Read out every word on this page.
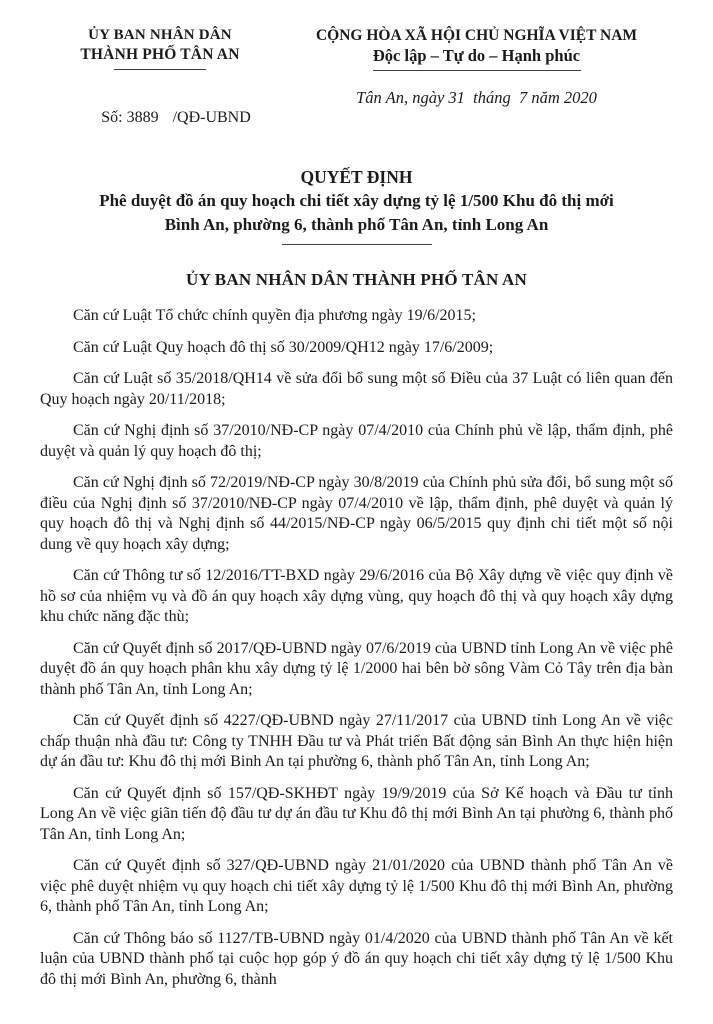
ỦY BAN NHÂN DÂN
THÀNH PHỐ TÂN AN

Số: 3889 /QĐ-UBND

CỘNG HÒA XÃ HỘI CHỦ NGHĨA VIỆT NAM
Độc lập – Tự do – Hạnh phúc
Tân An, ngày 31  tháng  7 năm 2020
QUYẾT ĐỊNH
Phê duyệt đồ án quy hoạch chi tiết xây dựng tỷ lệ 1/500 Khu đô thị mới
Bình An, phường 6, thành phố Tân An, tỉnh Long An
ỦY BAN NHÂN DÂN THÀNH PHỐ TÂN AN

Căn cứ Luật Tổ chức chính quyền địa phương ngày 19/6/2015;

Căn cứ Luật Quy hoạch đô thị số 30/2009/QH12 ngày 17/6/2009;

Căn cứ Luật số 35/2018/QH14 về sửa đổi bổ sung một số Điều của 37 Luật có liên quan đến Quy hoạch ngày 20/11/2018;

Căn cứ Nghị định số 37/2010/NĐ-CP ngày 07/4/2010 của Chính phủ về lập, thẩm định, phê duyệt và quản lý quy hoạch đô thị;

Căn cứ Nghị định số 72/2019/NĐ-CP ngày 30/8/2019 của Chính phủ sửa đổi, bổ sung một số điều của Nghị định số 37/2010/NĐ-CP ngày 07/4/2010 về lập, thẩm định, phê duyệt và quản lý quy hoạch đô thị và Nghị định số 44/2015/NĐ-CP ngày 06/5/2015 quy định chi tiết một số nội dung về quy hoạch xây dựng;

Căn cứ Thông tư số 12/2016/TT-BXD ngày 29/6/2016 của Bộ Xây dựng về việc quy định về hồ sơ của nhiệm vụ và đồ án quy hoạch xây dựng vùng, quy hoạch đô thị và quy hoạch xây dựng khu chức năng đặc thù;

Căn cứ Quyết định số 2017/QĐ-UBND ngày 07/6/2019 của UBND tỉnh Long An về việc phê duyệt đồ án quy hoạch phân khu xây dựng tỷ lệ 1/2000 hai bên bờ sông Vàm Cỏ Tây trên địa bàn thành phố Tân An, tỉnh Long An;

Căn cứ Quyết định số 4227/QĐ-UBND ngày 27/11/2017 của UBND tỉnh Long An về việc chấp thuận nhà đầu tư: Công ty TNHH Đầu tư và Phát triển Bất động sản Bình An thực hiện hiện dự án đầu tư: Khu đô thị mới Binh An tại phường 6, thành phố Tân An, tỉnh Long An;

Căn cứ Quyết định số 157/QĐ-SKHĐT ngày 19/9/2019 của Sở Kế hoạch và Đầu tư tỉnh Long An về việc giãn tiến độ đầu tư dự án đầu tư Khu đô thị mới Bình An tại phường 6, thành phố Tân An, tỉnh Long An;

Căn cứ Quyết định số 327/QĐ-UBND ngày 21/01/2020 của UBND thành phố Tân An về việc phê duyệt nhiệm vụ quy hoạch chi tiết xây dựng tỷ lệ 1/500 Khu đô thị mới Bình An, phường 6, thành phố Tân An, tỉnh Long An;

Căn cứ Thông báo số 1127/TB-UBND ngày 01/4/2020 của UBND thành phố Tân An về kết luận của UBND thành phố tại cuộc họp góp ý đồ án quy hoạch chi tiết xây dựng tỷ lệ 1/500 Khu đô thị mới Bình An, phường 6, thành
